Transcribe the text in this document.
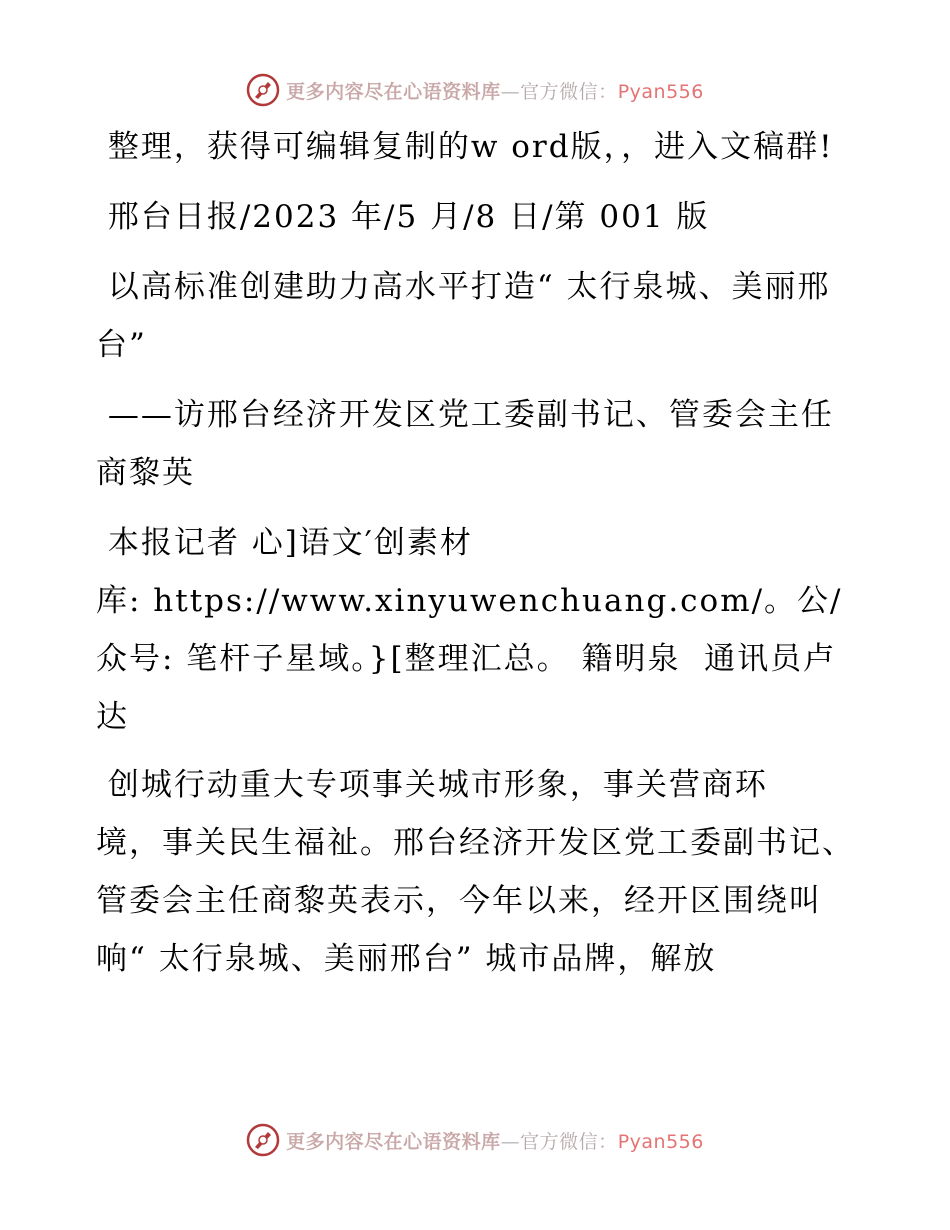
更多内容尽在心语资料库—官方微信：Pyan556

整理，获得可编辑复制的w ord版，，进入文稿群!

邢台日报/2023 年/5 月/8 日/第 001 版

以高标准创建助力高水平打造“ 太行泉城、美丽邢台”

——访邢台经济开发区党工委副书记、管委会主任商黎英

本报记者 心]语文′创素材

库: https://www.xinyuwenchuang.com/。公/众号: 笔杆子星域。}[整理汇总。 籍明泉  通讯员卢达

创城行动重大专项事关城市形象，事关营商环

境，事关民生福祉。邢台经济开发区党工委副书记、管委会主任商黎英表示，今年以来，经开区围绕叫响“ 太行泉城、美丽邢台” 城市品牌，解放

更多内容尽在心语资料库—官方微信：Pyan556
